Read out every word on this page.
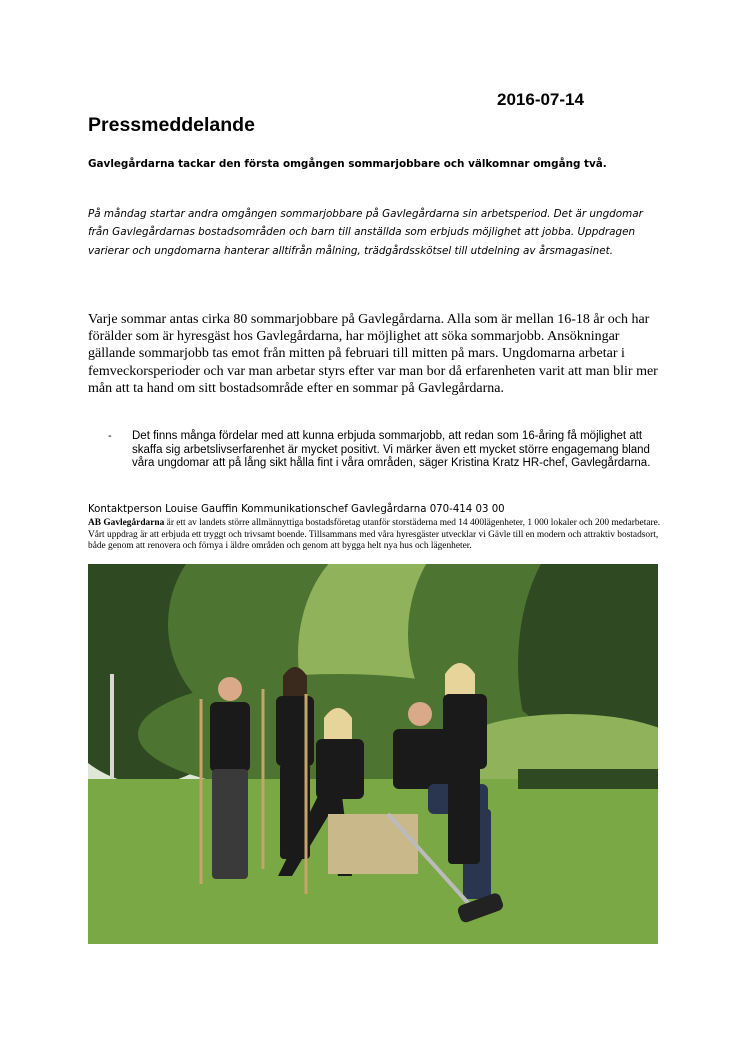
2016-07-14
Pressmeddelande
Gavlegårdarna tackar den första omgången sommarjobbare och välkomnar omgång två.
På måndag startar andra omgången sommarjobbare på Gavlegårdarna sin arbetsperiod. Det är ungdomar från Gavlegårdarnas bostadsområden och barn till anställda som erbjuds möjlighet att jobba. Uppdragen varierar och ungdomarna hanterar alltifrån målning, trädgårdsskötsel till utdelning av årsmagasinet.
Varje sommar antas cirka 80 sommarjobbare på Gavlegårdarna. Alla som är mellan 16-18 år och har förälder som är hyresgäst hos Gavlegårdarna, har möjlighet att söka sommarjobb. Ansökningar gällande sommarjobb tas emot från mitten på februari till mitten på mars. Ungdomarna arbetar i femveckorsperioder och var man arbetar styrs efter var man bor då erfarenheten varit att man blir mer mån att ta hand om sitt bostadsområde efter en sommar på Gavlegårdarna.
- Det finns många fördelar med att kunna erbjuda sommarjobb, att redan som 16-åring få möjlighet att skaffa sig arbetslivserfarenhet är mycket positivt. Vi märker även ett mycket större engagemang bland våra ungdomar att på lång sikt hålla fint i våra områden, säger Kristina Kratz HR-chef, Gavlegårdarna.
Kontaktperson Louise Gauffin Kommunikationschef Gavlegårdarna 070-414 03 00
AB Gavlegårdarna är ett av landets större allmännyttiga bostadsföretag utanför storstäderna med 14 400lägenheter, 1 000 lokaler och 200 medarbetare. Vårt uppdrag är att erbjuda ett tryggt och trivsamt boende. Tillsammans med våra hyresgäster utvecklar vi Gävle till en modern och attraktiv bostadsort, både genom att renovera och förnya i äldre områden och genom att bygga helt nya hus och lägenheter.
